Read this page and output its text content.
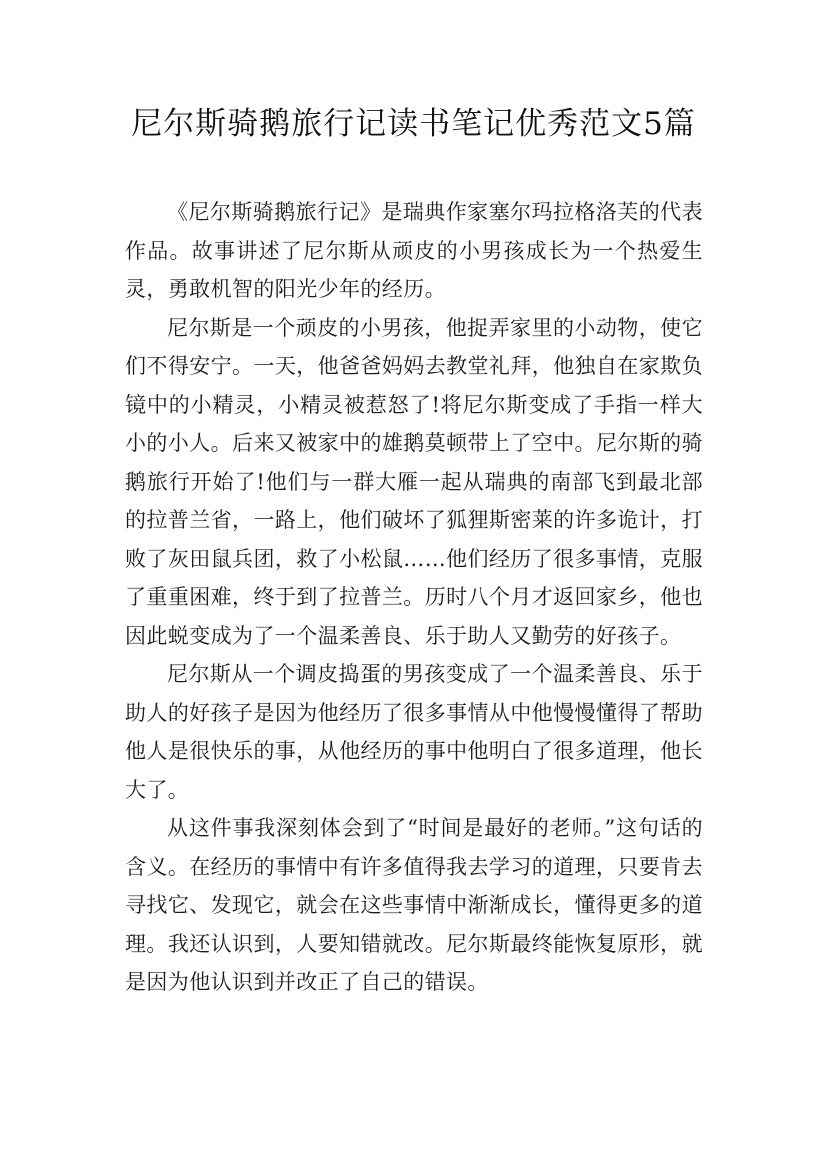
尼尔斯骑鹅旅行记读书笔记优秀范文5篇

《尼尔斯骑鹅旅行记》是瑞典作家塞尔玛拉格洛芙的代表作品。故事讲述了尼尔斯从顽皮的小男孩成长为一个热爱生灵，勇敢机智的阳光少年的经历。

尼尔斯是一个顽皮的小男孩，他捉弄家里的小动物，使它们不得安宁。一天，他爸爸妈妈去教堂礼拜，他独自在家欺负镜中的小精灵，小精灵被惹怒了!将尼尔斯变成了手指一样大小的小人。后来又被家中的雄鹅莫顿带上了空中。尼尔斯的骑鹅旅行开始了!他们与一群大雁一起从瑞典的南部飞到最北部的拉普兰省，一路上，他们破坏了狐狸斯密莱的许多诡计，打败了灰田鼠兵团，救了小松鼠……他们经历了很多事情，克服了重重困难，终于到了拉普兰。历时八个月才返回家乡，他也因此蜕变成为了一个温柔善良、乐于助人又勤劳的好孩子。

尼尔斯从一个调皮捣蛋的男孩变成了一个温柔善良、乐于助人的好孩子是因为他经历了很多事情从中他慢慢懂得了帮助他人是很快乐的事，从他经历的事中他明白了很多道理，他长大了。

从这件事我深刻体会到了“时间是最好的老师。”这句话的含义。在经历的事情中有许多值得我去学习的道理，只要肯去寻找它、发现它，就会在这些事情中渐渐成长，懂得更多的道理。我还认识到，人要知错就改。尼尔斯最终能恢复原形，就是因为他认识到并改正了自己的错误。
